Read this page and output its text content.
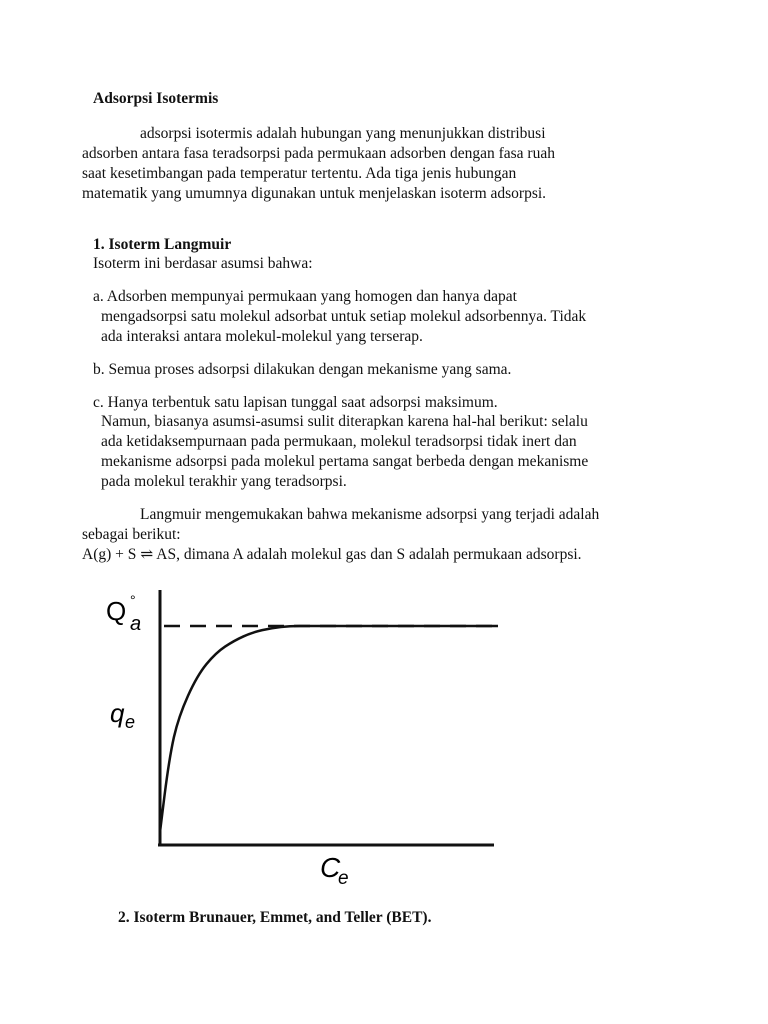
Adsorpsi Isotermis
adsorpsi isotermis adalah hubungan yang menunjukkan distribusi
adsorben antara fasa teradsorpsi pada permukaan adsorben dengan fasa ruah
saat kesetimbangan pada temperatur tertentu. Ada tiga jenis hubungan
matematik yang umumnya digunakan untuk menjelaskan isoterm adsorpsi.
1. Isoterm Langmuir
Isoterm ini berdasar asumsi bahwa:
a. Adsorben mempunyai permukaan yang homogen dan hanya dapat
mengadsorpsi satu molekul adsorbat untuk setiap molekul adsorbennya. Tidak
ada interaksi antara molekul-molekul yang terserap.
b. Semua proses adsorpsi dilakukan dengan mekanisme yang sama.
c. Hanya terbentuk satu lapisan tunggal saat adsorpsi maksimum.
Namun, biasanya asumsi-asumsi sulit diterapkan karena hal-hal berikut: selalu
ada ketidaksempurnaan pada permukaan, molekul teradsorpsi tidak inert dan
mekanisme adsorpsi pada molekul pertama sangat berbeda dengan mekanisme
pada molekul terakhir yang teradsorpsi.
Langmuir mengemukakan bahwa mekanisme adsorpsi yang terjadi adalah
sebagai berikut:
A(g) + S ⇌ AS, dimana A adalah molekul gas dan S adalah permukaan adsorpsi.
Q °
a
q e
C
e
2. Isoterm Brunauer, Emmet, and Teller (BET).
